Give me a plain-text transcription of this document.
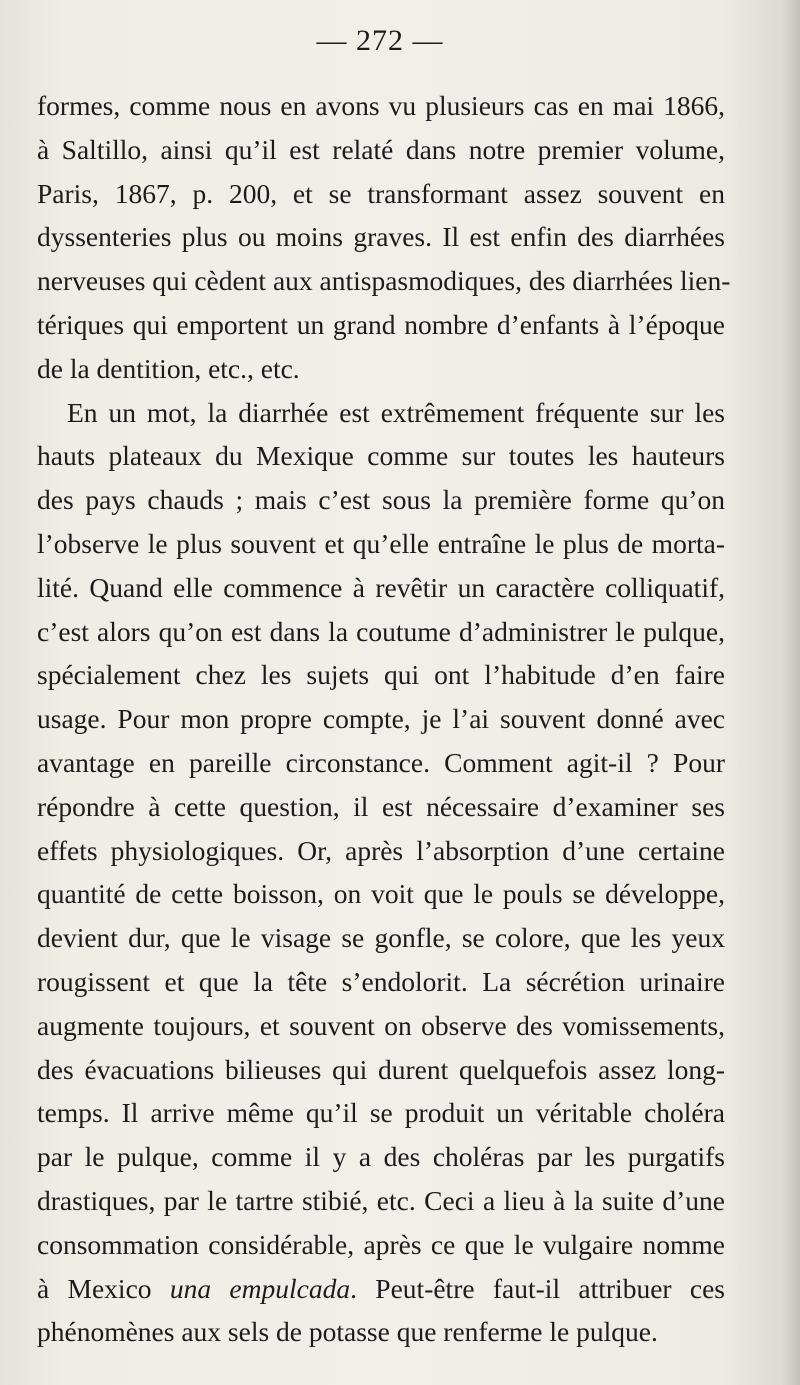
— 272 —
formes, comme nous en avons vu plusieurs cas en mai 1866,
à Saltillo, ainsi qu’il est relaté dans notre premier volume,
Paris, 1867, p. 200, et se transformant assez souvent en
dyssenteries plus ou moins graves. Il est enfin des diarrhées
nerveuses qui cèdent aux antispasmodiques, des diarrhées lien-
tériques qui emportent un grand nombre d’enfants à l’époque
de la dentition, etc., etc.
En un mot, la diarrhée est extrêmement fréquente sur les
hauts plateaux du Mexique comme sur toutes les hauteurs
des pays chauds ; mais c’est sous la première forme qu’on
l’observe le plus souvent et qu’elle entraîne le plus de morta-
lité. Quand elle commence à revêtir un caractère colliquatif,
c’est alors qu’on est dans la coutume d’administrer le pulque,
spécialement chez les sujets qui ont l’habitude d’en faire
usage. Pour mon propre compte, je l’ai souvent donné avec
avantage en pareille circonstance. Comment agit-il ? Pour
répondre à cette question, il est nécessaire d’examiner ses
effets physiologiques. Or, après l’absorption d’une certaine
quantité de cette boisson, on voit que le pouls se développe,
devient dur, que le visage se gonfle, se colore, que les yeux
rougissent et que la tête s’endolorit. La sécrétion urinaire
augmente toujours, et souvent on observe des vomissements,
des évacuations bilieuses qui durent quelquefois assez long-
temps. Il arrive même qu’il se produit un véritable choléra
par le pulque, comme il y a des choléras par les purgatifs
drastiques, par le tartre stibié, etc. Ceci a lieu à la suite d’une
consommation considérable, après ce que le vulgaire nomme
à Mexico una empulcada. Peut-être faut-il attribuer ces
phénomènes aux sels de potasse que renferme le pulque.
